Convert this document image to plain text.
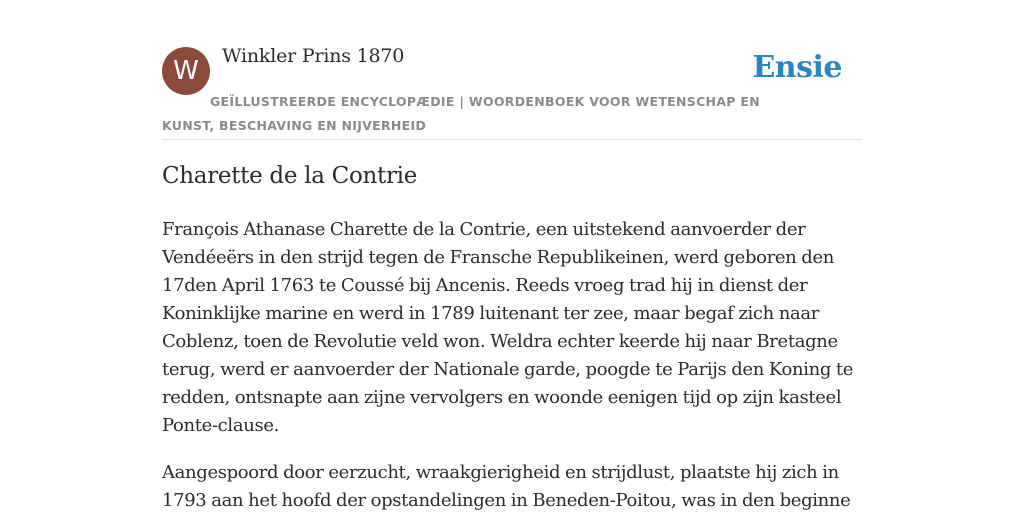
W	Winkler Prins 1870	Ensie
GEÏLLUSTREERDE ENCYCLOPÆDIE | WOORDENBOEK VOOR WETENSCHAP EN KUNST, BESCHAVING EN NIJVERHEID
Charette de la Contrie

François Athanase Charette de la Contrie, een uitstekend aanvoerder der Vendéeërs in den strijd tegen de Fransche Republikeinen, werd geboren den 17den April 1763 te Coussé bij Ancenis. Reeds vroeg trad hij in dienst der Koninklijke marine en werd in 1789 luitenant ter zee, maar begaf zich naar Coblenz, toen de Revolutie veld won. Weldra echter keerde hij naar Bretagne terug, werd er aanvoerder der Nationale garde, poogde te Parijs den Koning te redden, ontsnapte aan zijne vervolgers en woonde eenigen tijd op zijn kasteel Ponte-clause.

Aangespoord door eerzucht, wraakgierigheid en strijdlust, plaatste hij zich in 1793 aan het hoofd der opstandelingen in Beneden-Poitou, was in den beginne
